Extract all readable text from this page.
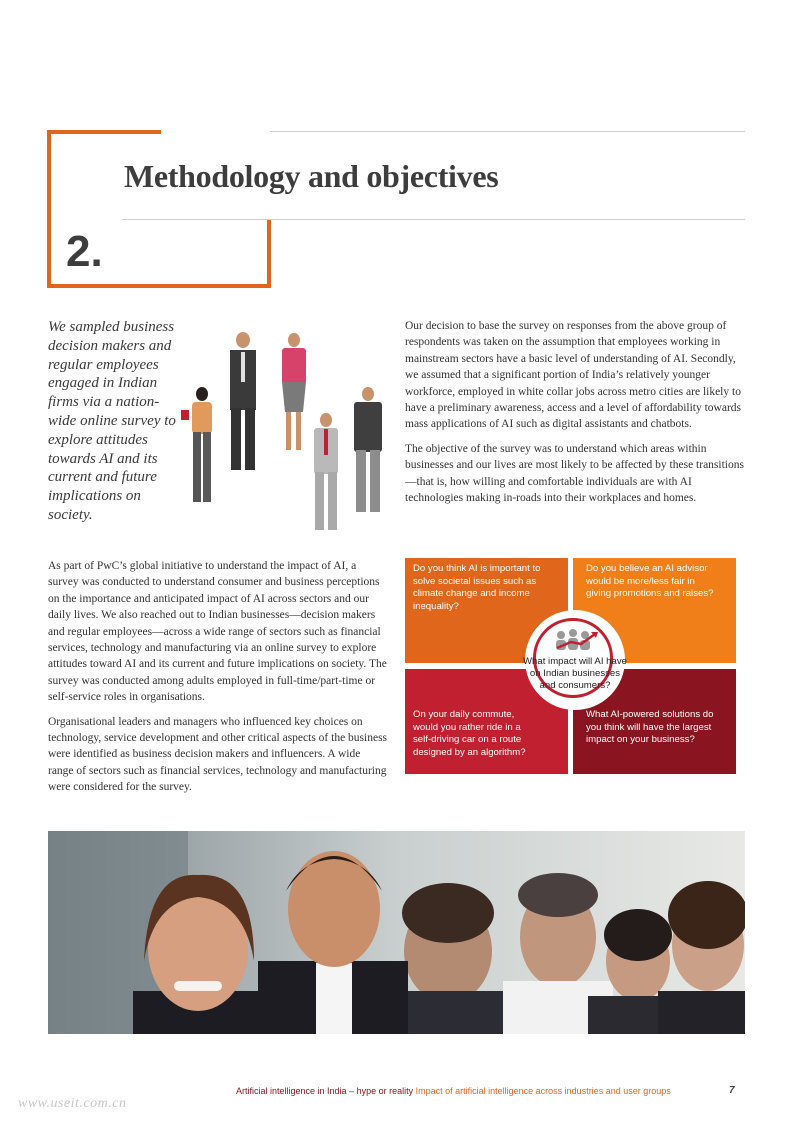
Methodology and objectives
2.
We sampled business decision makers and regular employees engaged in Indian firms via a nation-wide online survey to explore attitudes towards AI and its current and future implications on society.

As part of PwC’s global initiative to understand the impact of AI, a survey was conducted to understand consumer and business perceptions on the importance and anticipated impact of AI across sectors and our daily lives. We also reached out to Indian businesses—decision makers and regular employees—across a wide range of sectors such as financial services, technology and manufacturing via an online survey to explore attitudes toward AI and its current and future implications on society. The survey was conducted among adults employed in full-time/part-time or self-service roles in organisations.

Organisational leaders and managers who influenced key choices on technology, service development and other critical aspects of the business were identified as business decision makers and influencers. A wide range of sectors such as financial services, technology and manufacturing were considered for the survey.

Our decision to base the survey on responses from the above group of respondents was taken on the assumption that employees working in mainstream sectors have a basic level of understanding of AI. Secondly, we assumed that a significant portion of India’s relatively younger workforce, employed in white collar jobs across metro cities are likely to have a preliminary awareness, access and a level of affordability towards mass applications of AI such as digital assistants and chatbots.

The objective of the survey was to understand which areas within businesses and our lives are most likely to be affected by these transitions—that is, how willing and comfortable individuals are with AI technologies making in-roads into their workplaces and homes.

Do you think AI is important to solve societal issues such as climate change and income inequality?
Do you believe an AI advisor would be more/less fair in giving promotions and raises?
On your daily commute, would you rather ride in a self-driving car on a route designed by an algorithm?
What AI-powered solutions do you think will have the largest impact on your business?
What impact will AI have on Indian businesses and consumers?
Artificial intelligence in India – hype or reality Impact of artificial intelligence across industries and user groups	7
www.useit.com.cn
